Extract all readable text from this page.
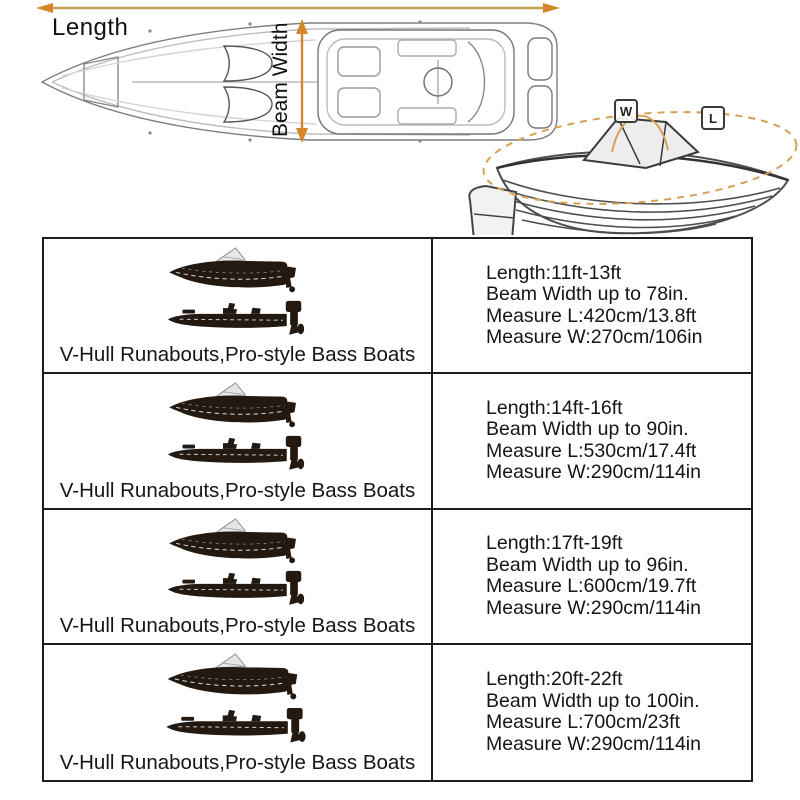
Length	Beam Width	W	L
V-Hull Runabouts,Pro-style Bass Boats

Length:11ft-13ft

Beam Width up to 78in.

Measure L:420cm/13.8ft

Measure W:270cm/106in

V-Hull Runabouts,Pro-style Bass Boats

Length:14ft-16ft

Beam Width up to 90in.

Measure L:530cm/17.4ft

Measure W:290cm/114in

V-Hull Runabouts,Pro-style Bass Boats

Length:17ft-19ft

Beam Width up to 96in.

Measure L:600cm/19.7ft

Measure W:290cm/114in

V-Hull Runabouts,Pro-style Bass Boats

Length:20ft-22ft

Beam Width up to 100in.

Measure L:700cm/23ft

Measure W:290cm/114in
